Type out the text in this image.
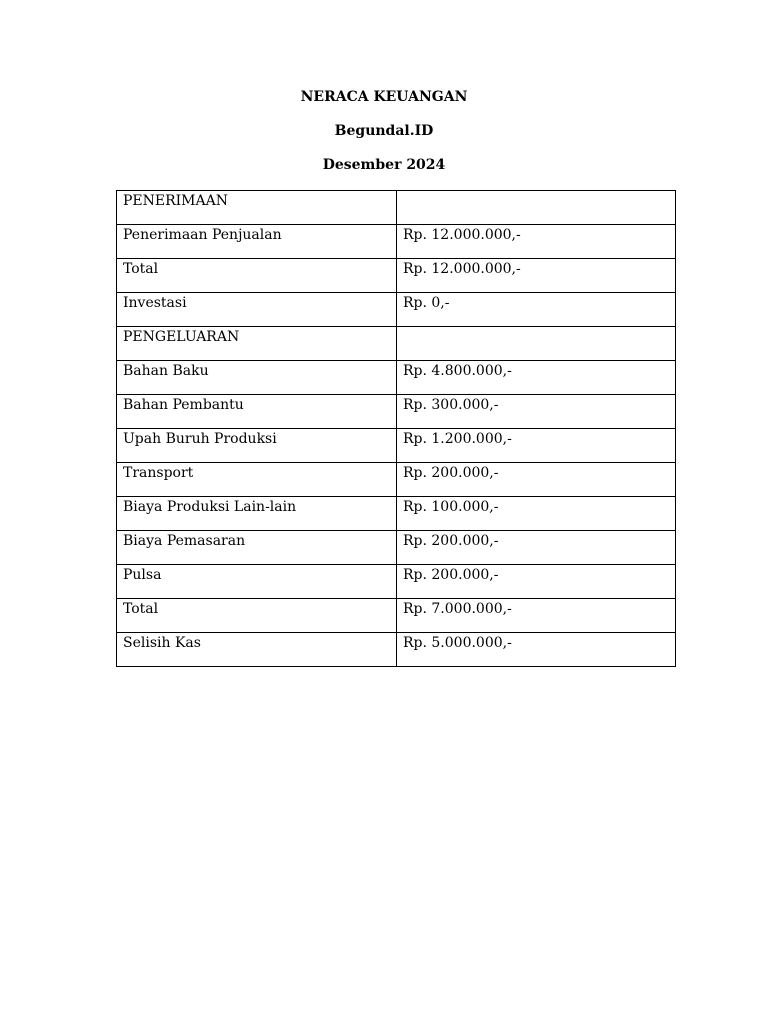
NERACA KEUANGAN
Begundal.ID
Desember 2024
PENERIMAAN	
Penerimaan Penjualan	Rp. 12.000.000,-
Total	Rp. 12.000.000,-
Investasi	Rp. 0,-
PENGELUARAN	
Bahan Baku	Rp. 4.800.000,-
Bahan Pembantu	Rp. 300.000,-
Upah Buruh Produksi	Rp. 1.200.000,-
Transport	Rp. 200.000,-
Biaya Produksi Lain-lain	Rp. 100.000,-
Biaya Pemasaran	Rp. 200.000,-
Pulsa	Rp. 200.000,-
Total	Rp. 7.000.000,-
Selisih Kas	Rp. 5.000.000,-
